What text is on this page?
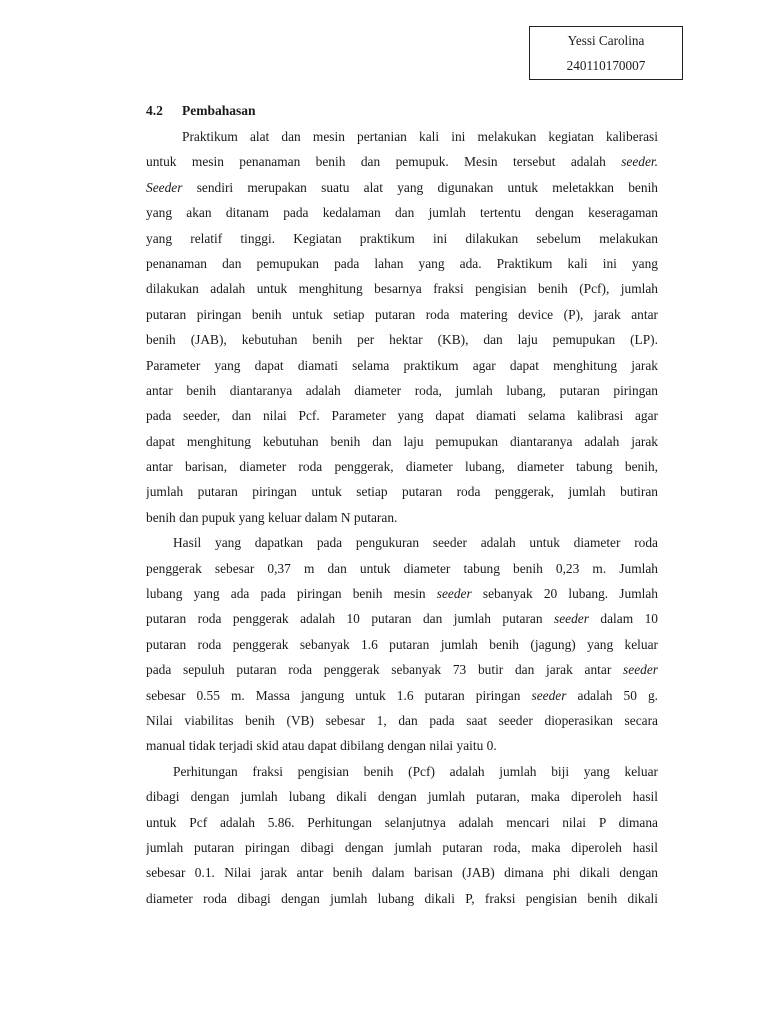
Yessi Carolina
240110170007
4.2 Pembahasan
Praktikum alat dan mesin pertanian kali ini melakukan kegiatan kaliberasi
untuk mesin penanaman benih dan pemupuk. Mesin tersebut adalah seeder.
Seeder sendiri merupakan suatu alat yang digunakan untuk meletakkan benih
yang akan ditanam pada kedalaman dan jumlah tertentu dengan keseragaman
yang relatif tinggi. Kegiatan praktikum ini dilakukan sebelum melakukan
penanaman dan pemupukan pada lahan yang ada. Praktikum kali ini yang
dilakukan adalah untuk menghitung besarnya fraksi pengisian benih (Pcf), jumlah
putaran piringan benih untuk setiap putaran roda matering device (P), jarak antar
benih (JAB), kebutuhan benih per hektar (KB), dan laju pemupukan (LP).
Parameter yang dapat diamati selama praktikum agar dapat menghitung jarak
antar benih diantaranya adalah diameter roda, jumlah lubang, putaran piringan
pada seeder, dan nilai Pcf. Parameter yang dapat diamati selama kalibrasi agar
dapat menghitung kebutuhan benih dan laju pemupukan diantaranya adalah jarak
antar barisan, diameter roda penggerak, diameter lubang, diameter tabung benih,
jumlah putaran piringan untuk setiap putaran roda penggerak, jumlah butiran
benih dan pupuk yang keluar dalam N putaran.
Hasil yang dapatkan pada pengukuran seeder adalah untuk diameter roda
penggerak sebesar 0,37 m dan untuk diameter tabung benih 0,23 m. Jumlah
lubang yang ada pada piringan benih mesin seeder sebanyak 20 lubang. Jumlah
putaran roda penggerak adalah 10 putaran dan jumlah putaran seeder dalam 10
putaran roda penggerak sebanyak 1.6 putaran jumlah benih (jagung) yang keluar
pada sepuluh putaran roda penggerak sebanyak 73 butir dan jarak antar seeder
sebesar 0.55 m. Massa jangung untuk 1.6 putaran piringan seeder adalah 50 g.
Nilai viabilitas benih (VB) sebesar 1, dan pada saat seeder dioperasikan secara
manual tidak terjadi skid atau dapat dibilang dengan nilai yaitu 0.
Perhitungan fraksi pengisian benih (Pcf) adalah jumlah biji yang keluar
dibagi dengan jumlah lubang dikali dengan jumlah putaran, maka diperoleh hasil
untuk Pcf adalah 5.86. Perhitungan selanjutnya adalah mencari nilai P dimana
jumlah putaran piringan dibagi dengan jumlah putaran roda, maka diperoleh hasil
sebesar 0.1. Nilai jarak antar benih dalam barisan (JAB) dimana phi dikali dengan
diameter roda dibagi dengan jumlah lubang dikali P, fraksi pengisian benih dikali
